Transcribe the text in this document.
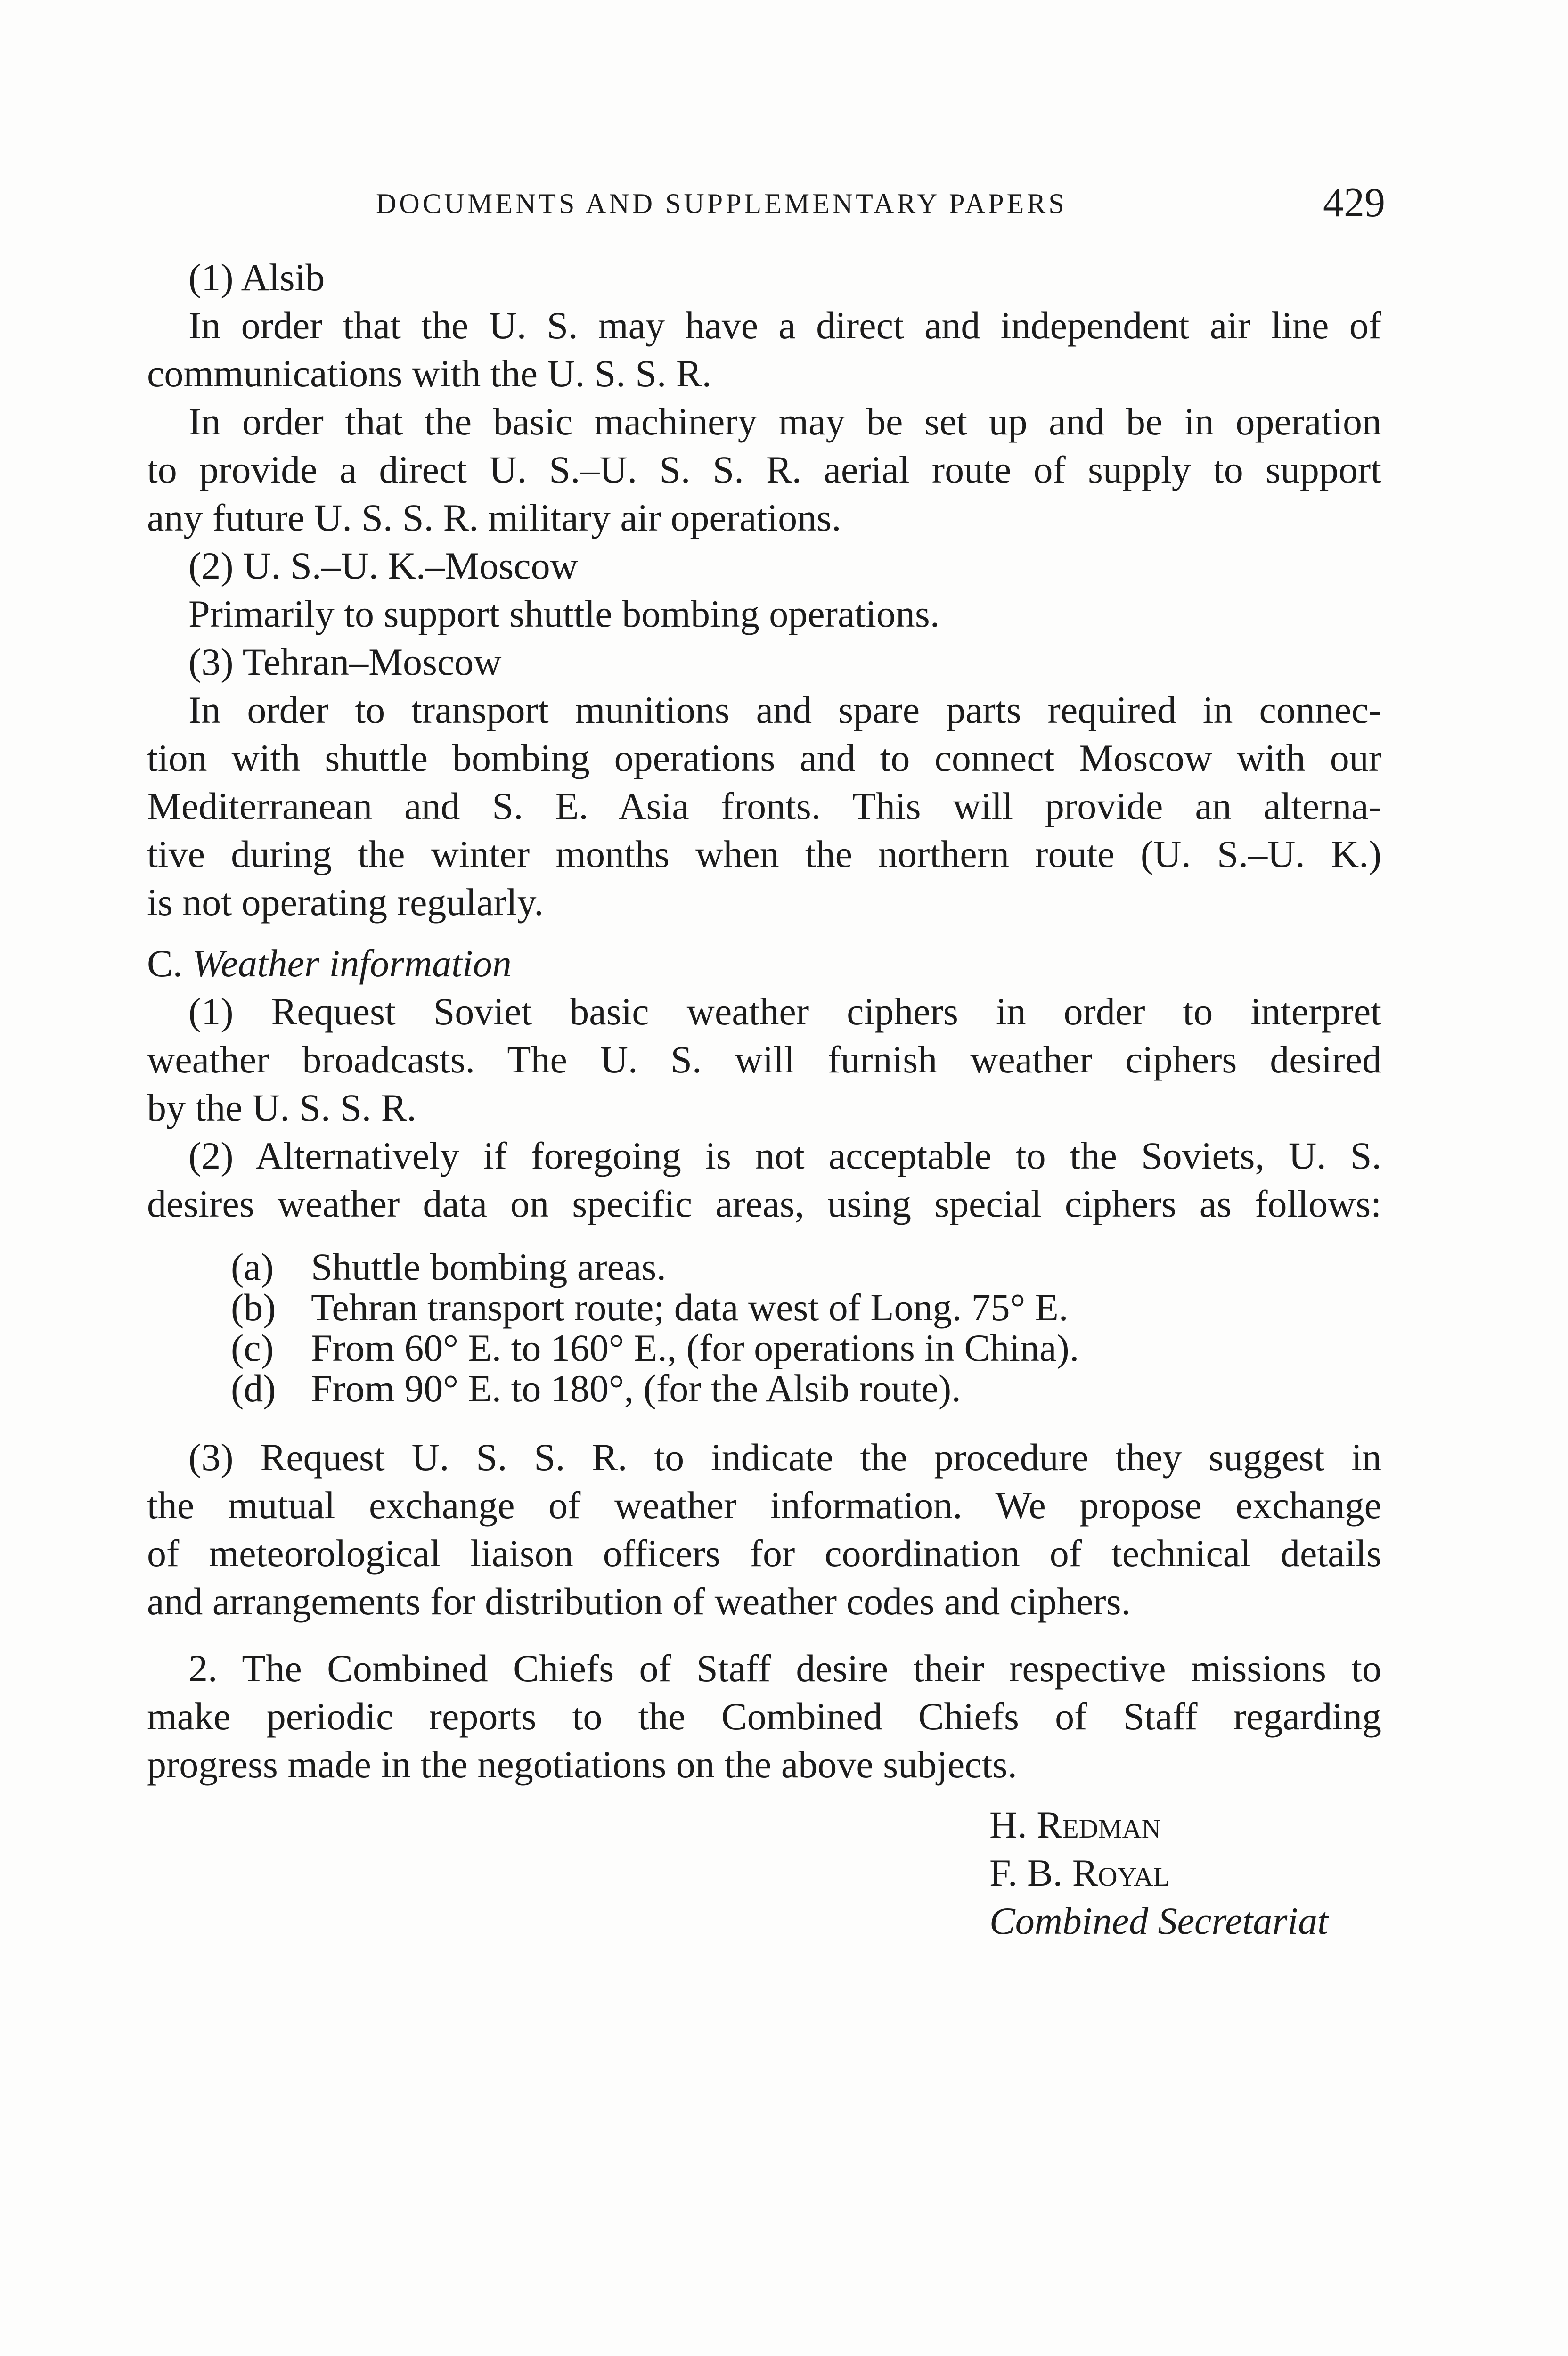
DOCUMENTS AND SUPPLEMENTARY PAPERS	429
(1) Alsib
In order that the U. S. may have a direct and independent air line of
communications with the U. S. S. R.
In order that the basic machinery may be set up and be in operation
to provide a direct U. S.–U. S. S. R. aerial route of supply to support
any future U. S. S. R. military air operations.
(2) U. S.–U. K.–Moscow
Primarily to support shuttle bombing operations.
(3) Tehran–Moscow
In order to transport munitions and spare parts required in connec-
tion with shuttle bombing operations and to connect Moscow with our
Mediterranean and S. E. Asia fronts. This will provide an alterna-
tive during the winter months when the northern route (U. S.–U. K.)
is not operating regularly.
C. Weather information
(1) Request Soviet basic weather ciphers in order to interpret
weather broadcasts. The U. S. will furnish weather ciphers desired
by the U. S. S. R.
(2) Alternatively if foregoing is not acceptable to the Soviets, U. S.
desires weather data on specific areas, using special ciphers as follows:
(a) Shuttle bombing areas.
(b) Tehran transport route; data west of Long. 75° E.
(c) From 60° E. to 160° E., (for operations in China).
(d) From 90° E. to 180°, (for the Alsib route).
(3) Request U. S. S. R. to indicate the procedure they suggest in
the mutual exchange of weather information. We propose exchange
of meteorological liaison officers for coordination of technical details
and arrangements for distribution of weather codes and ciphers.
2. The Combined Chiefs of Staff desire their respective missions to
make periodic reports to the Combined Chiefs of Staff regarding
progress made in the negotiations on the above subjects.
H. Redman
F. B. Royal
Combined Secretariat
